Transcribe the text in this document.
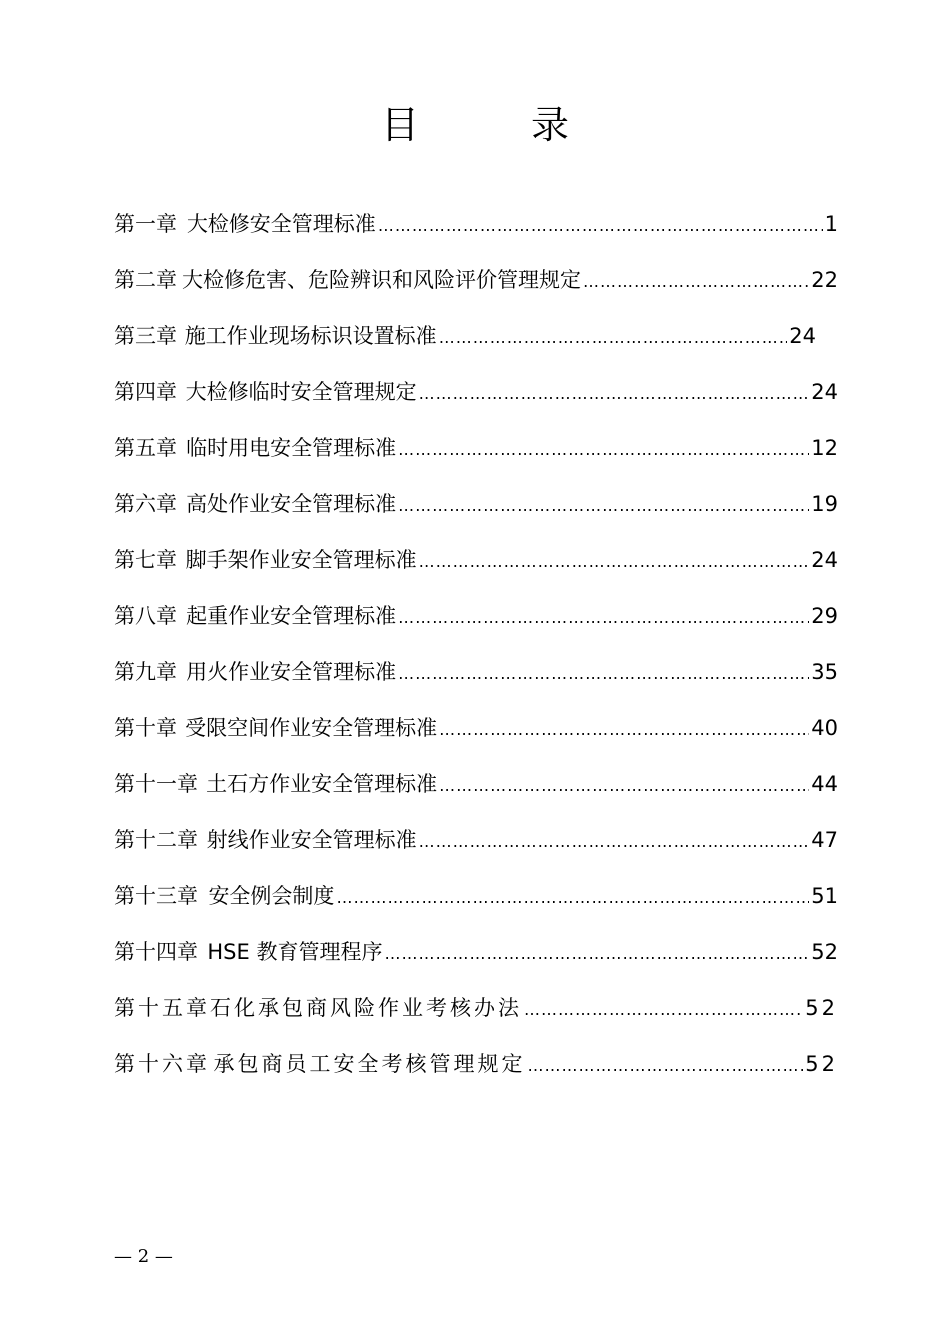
目 录
第一章 大检修安全管理标准 …………………………………………………………………………………………………………………………………………………………………………	1
第二章 大检修危害、危险辨识和风险评价管理规定 …………………………………………………………………………………………………………………………………………………………………………	22
第三章 施工作业现场标识设置标准 …………………………………………………………………………………………………………………………………………………………………………	24
第四章 大检修临时安全管理规定 …………………………………………………………………………………………………………………………………………………………………………	24
第五章 临时用电安全管理标准 …………………………………………………………………………………………………………………………………………………………………………	12
第六章 高处作业安全管理标准 …………………………………………………………………………………………………………………………………………………………………………	19
第七章 脚手架作业安全管理标准 …………………………………………………………………………………………………………………………………………………………………………	24
第八章 起重作业安全管理标准 …………………………………………………………………………………………………………………………………………………………………………	29
第九章 用火作业安全管理标准 …………………………………………………………………………………………………………………………………………………………………………	35
第十章 受限空间作业安全管理标准 …………………………………………………………………………………………………………………………………………………………………………	40
第十一章 土石方作业安全管理标准 …………………………………………………………………………………………………………………………………………………………………………	44
第十二章 射线作业安全管理标准 …………………………………………………………………………………………………………………………………………………………………………	47
第十三章 安全例会制度 …………………………………………………………………………………………………………………………………………………………………………	51
第十四章 HSE 教育管理程序 …………………………………………………………………………………………………………………………………………………………………………	52
第十五章 石化承包商风险作业考核办法 …………………………………………………………………………………………………………………………………………………………………………	52
第十六章 承包商员工安全考核管理规定 …………………………………………………………………………………………………………………………………………………………………………	52
— 2 —
